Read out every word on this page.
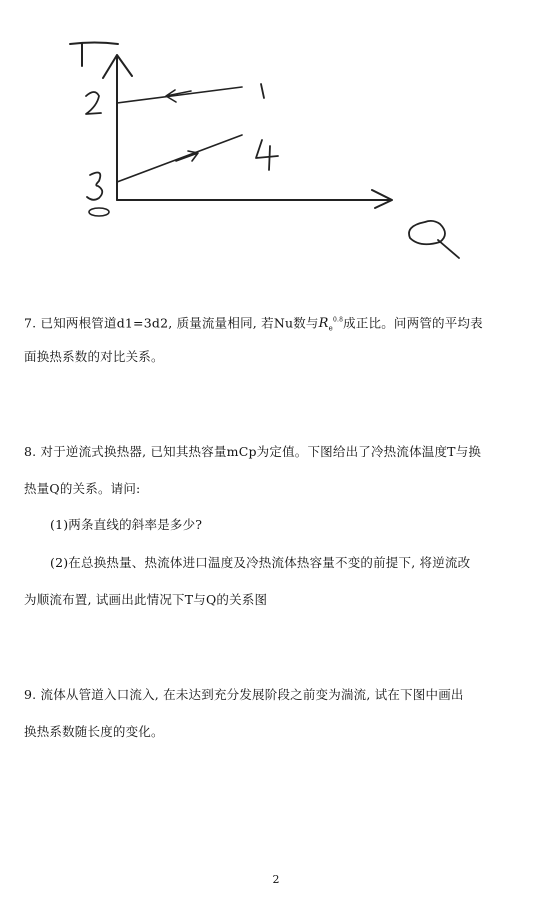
7. 已知两根管道d1=3d2, 质量流量相同, 若Nu数与$R_e^{0.8}$成正比。问两管的平均表
面换热系数的对比关系。
8. 对于逆流式换热器, 已知其热容量mCp为定值。下图给出了冷热流体温度T与换
热量Q的关系。请问:
(1)两条直线的斜率是多少?
(2)在总换热量、热流体进口温度及冷热流体热容量不变的前提下, 将逆流改
为顺流布置, 试画出此情况下T与Q的关系图
9. 流体从管道入口流入, 在未达到充分发展阶段之前变为湍流, 试在下图中画出
换热系数随长度的变化。
2
